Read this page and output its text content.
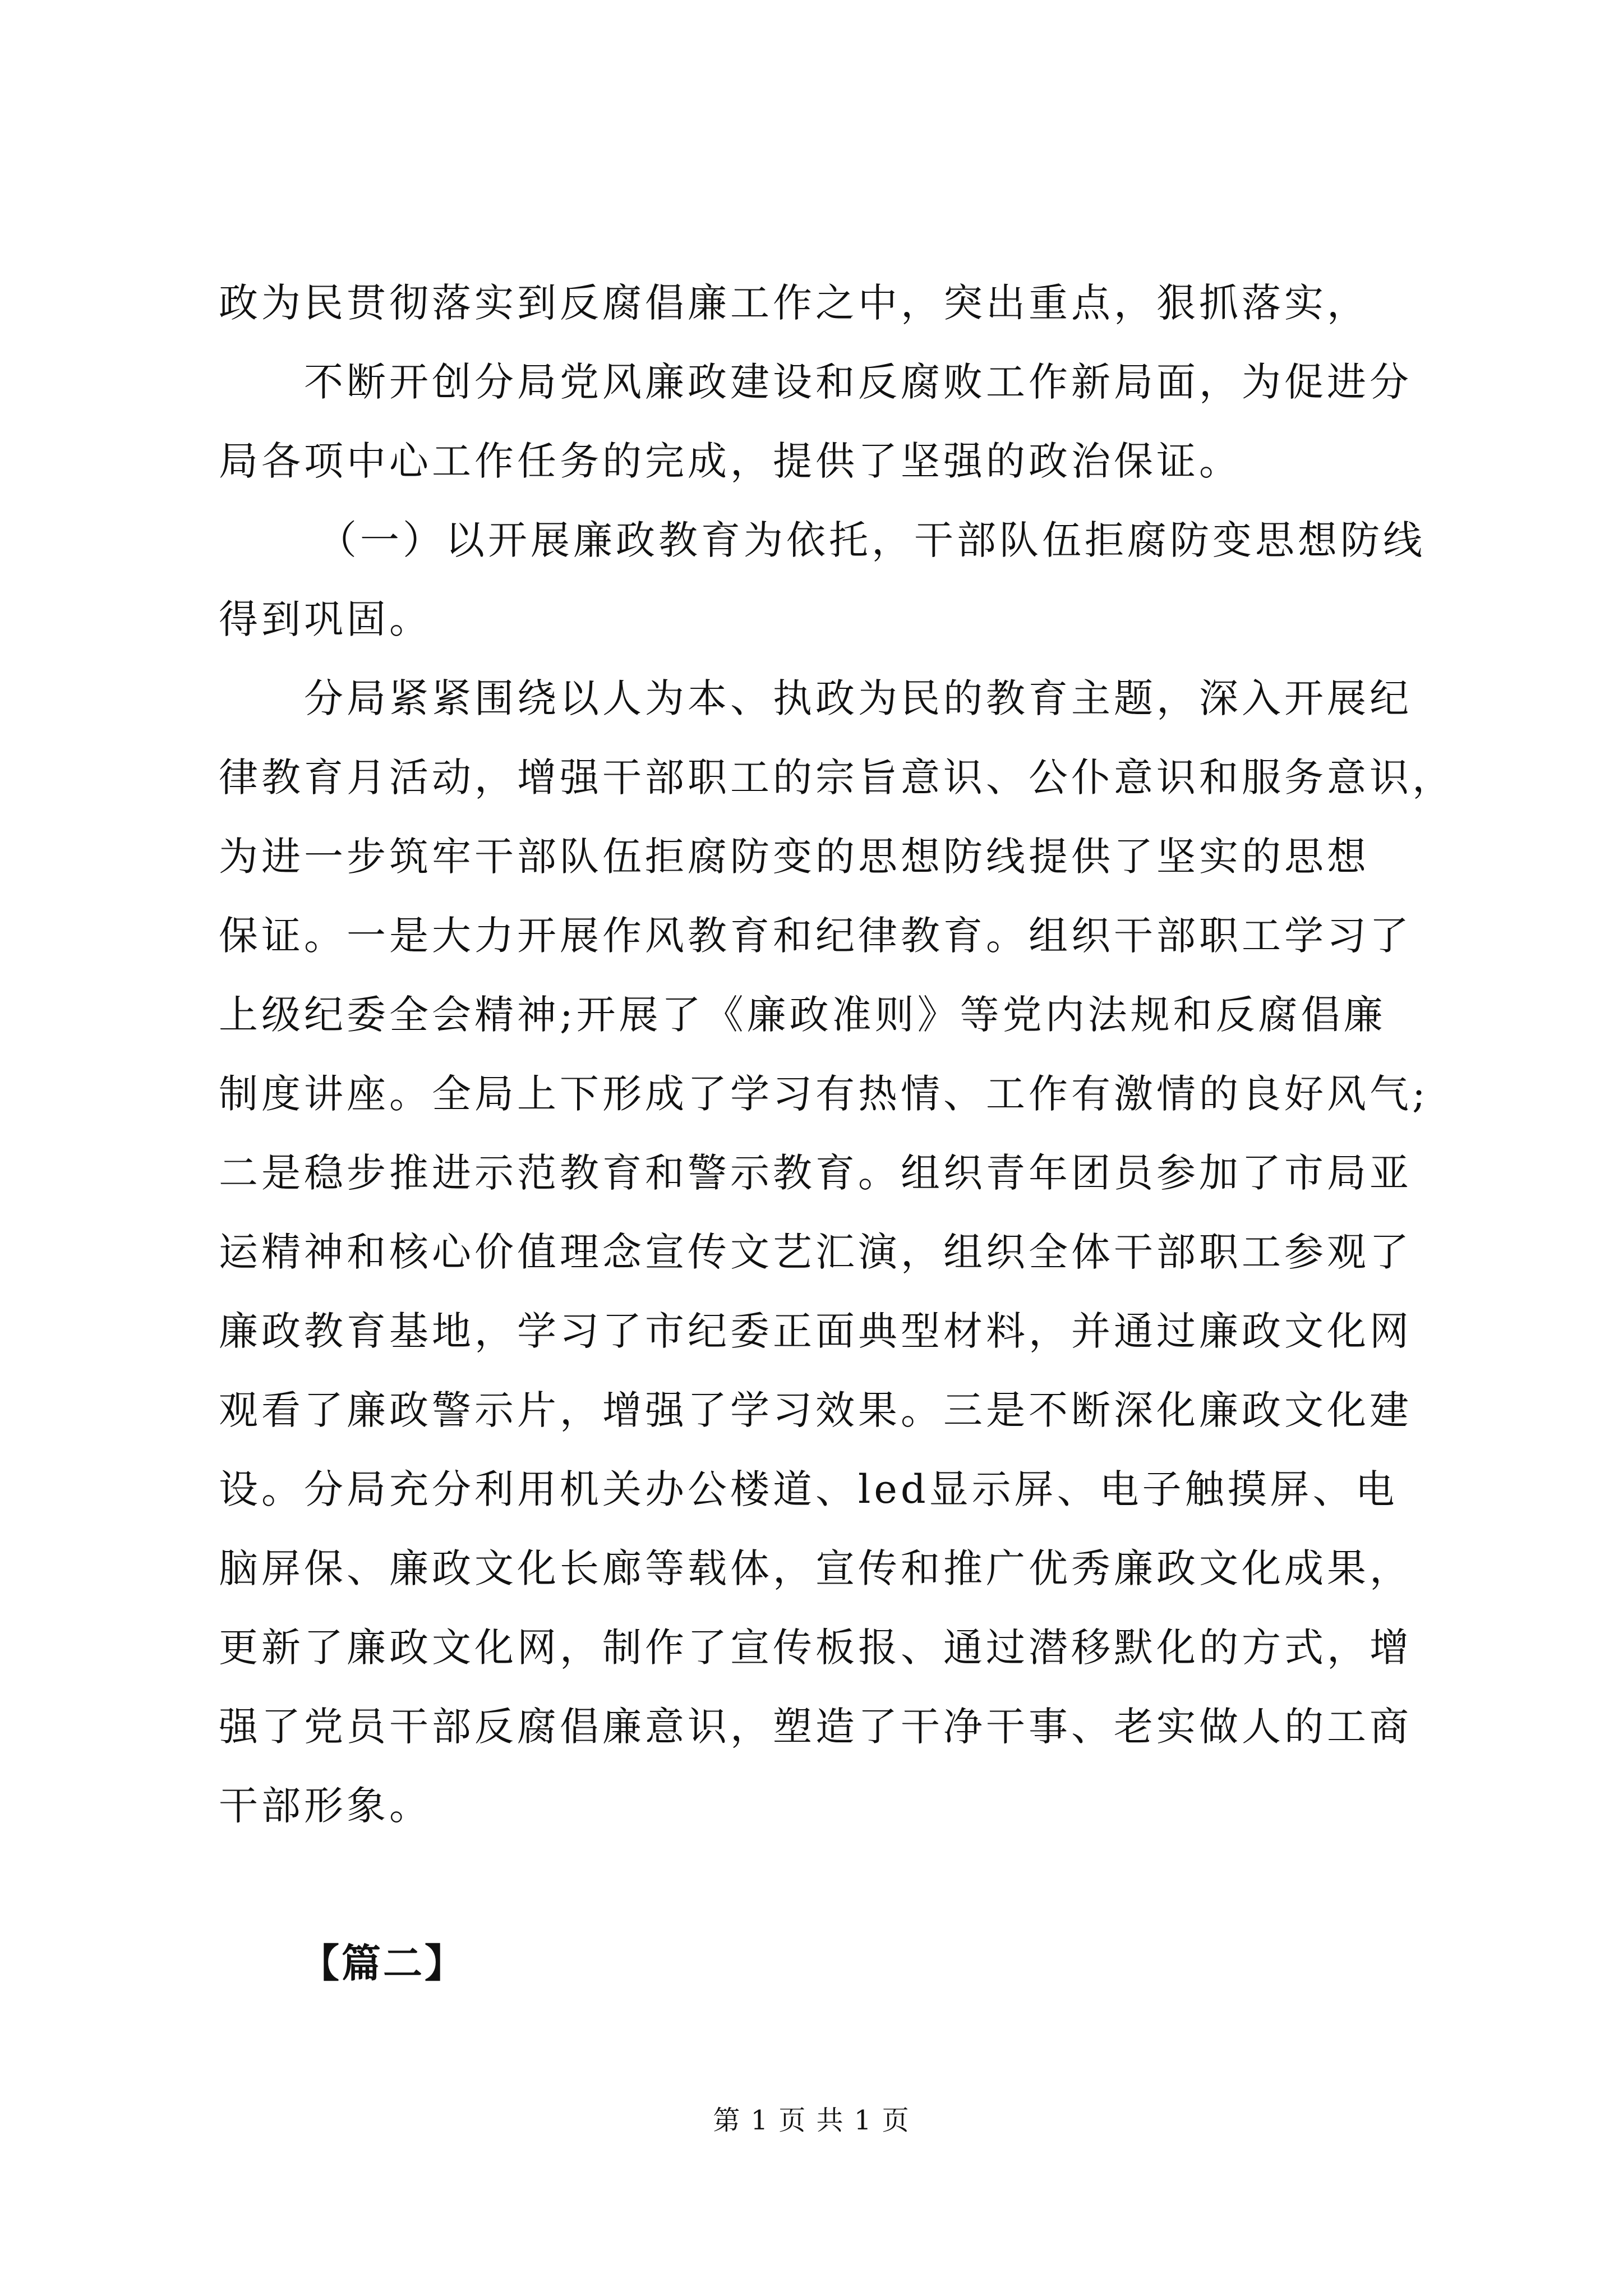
政为民贯彻落实到反腐倡廉工作之中，突出重点，狠抓落实，
不断开创分局党风廉政建设和反腐败工作新局面，为促进分
局各项中心工作任务的完成，提供了坚强的政治保证。
（一）以开展廉政教育为依托，干部队伍拒腐防变思想防线
得到巩固。
分局紧紧围绕以人为本、执政为民的教育主题，深入开展纪
律教育月活动，增强干部职工的宗旨意识、公仆意识和服务意识，
为进一步筑牢干部队伍拒腐防变的思想防线提供了坚实的思想
保证。一是大力开展作风教育和纪律教育。组织干部职工学习了
上级纪委全会精神;开展了《廉政准则》等党内法规和反腐倡廉
制度讲座。全局上下形成了学习有热情、工作有激情的良好风气;
二是稳步推进示范教育和警示教育。组织青年团员参加了市局亚
运精神和核心价值理念宣传文艺汇演，组织全体干部职工参观了
廉政教育基地，学习了市纪委正面典型材料，并通过廉政文化网
观看了廉政警示片，增强了学习效果。三是不断深化廉政文化建
设。分局充分利用机关办公楼道、led显示屏、电子触摸屏、电
脑屏保、廉政文化长廊等载体，宣传和推广优秀廉政文化成果，
更新了廉政文化网，制作了宣传板报、通过潜移默化的方式，增
强了党员干部反腐倡廉意识，塑造了干净干事、老实做人的工商
干部形象。
【篇二】
第 1 页 共 1 页
